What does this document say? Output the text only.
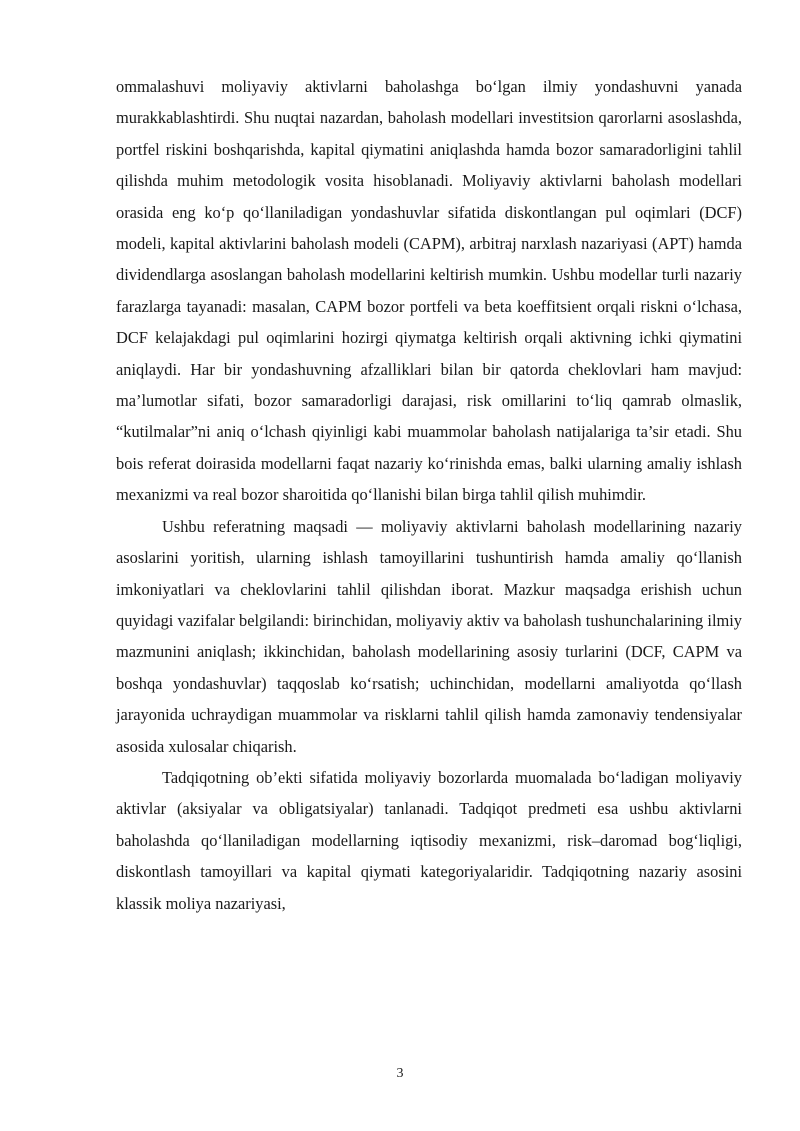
ommalashuvi moliyaviy aktivlarni baholashga bo‘lgan ilmiy yondashuvni yanada murakkablashtirdi. Shu nuqtai nazardan, baholash modellari investitsion qarorlarni asoslashda, portfel riskini boshqarishda, kapital qiymatini aniqlashda hamda bozor samaradorligini tahlil qilishda muhim metodologik vosita hisoblanadi. Moliyaviy aktivlarni baholash modellari orasida eng ko‘p qo‘llaniladigan yondashuvlar sifatida diskontlangan pul oqimlari (DCF) modeli, kapital aktivlarini baholash modeli (CAPM), arbitraj narxlash nazariyasi (APT) hamda dividendlarga asoslangan baholash modellarini keltirish mumkin. Ushbu modellar turli nazariy farazlarga tayanadi: masalan, CAPM bozor portfeli va beta koeffitsient orqali riskni o‘lchasa, DCF kelajakdagi pul oqimlarini hozirgi qiymatga keltirish orqali aktivning ichki qiymatini aniqlaydi. Har bir yondashuvning afzalliklari bilan bir qatorda cheklovlari ham mavjud: ma’lumotlar sifati, bozor samaradorligi darajasi, risk omillarini to‘liq qamrab olmaslik, “kutilmalar”ni aniq o‘lchash qiyinligi kabi muammolar baholash natijalariga ta’sir etadi. Shu bois referat doirasida modellarni faqat nazariy ko‘rinishda emas, balki ularning amaliy ishlash mexanizmi va real bozor sharoitida qo‘llanishi bilan birga tahlil qilish muhimdir.

Ushbu referatning maqsadi — moliyaviy aktivlarni baholash modellarining nazariy asoslarini yoritish, ularning ishlash tamoyillarini tushuntirish hamda amaliy qo‘llanish imkoniyatlari va cheklovlarini tahlil qilishdan iborat. Mazkur maqsadga erishish uchun quyidagi vazifalar belgilandi: birinchidan, moliyaviy aktiv va baholash tushunchalarining ilmiy mazmunini aniqlash; ikkinchidan, baholash modellarining asosiy turlarini (DCF, CAPM va boshqa yondashuvlar) taqqoslab ko‘rsatish; uchinchidan, modellarni amaliyotda qo‘llash jarayonida uchraydigan muammolar va risklarni tahlil qilish hamda zamonaviy tendensiyalar asosida xulosalar chiqarish.

Tadqiqotning ob’ekti sifatida moliyaviy bozorlarda muomalada bo‘ladigan moliyaviy aktivlar (aksiyalar va obligatsiyalar) tanlanadi. Tadqiqot predmeti esa ushbu aktivlarni baholashda qo‘llaniladigan modellarning iqtisodiy mexanizmi, risk–daromad bog‘liqligi, diskontlash tamoyillari va kapital qiymati kategoriyalaridir. Tadqiqotning nazariy asosini klassik moliya nazariyasi,

3
